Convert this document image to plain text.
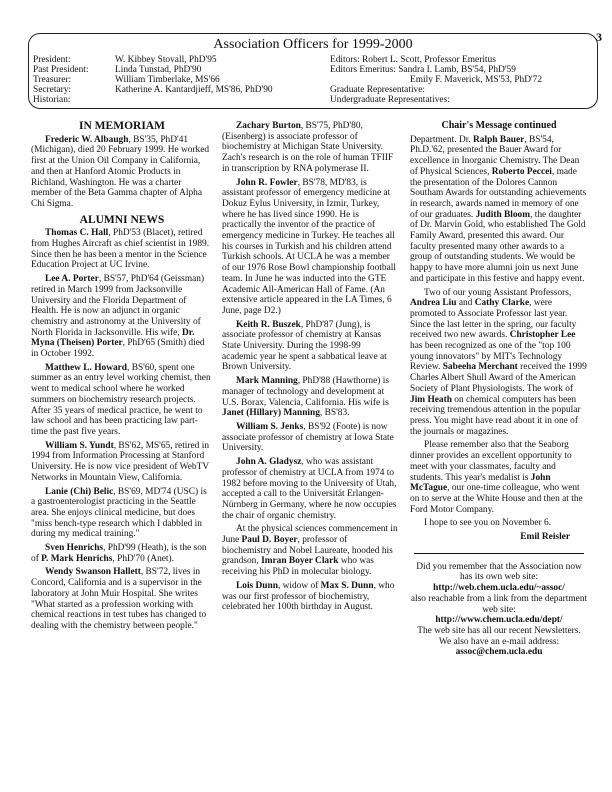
3
Association Officers for 1999-2000
President:	W. Kibbey Stovall, PhD'95
Past President:	Linda Tunstad, PhD'90
Treasurer:	William Timberlake, MS'66
Secretary:	Katherine A. Kantardjieff, MS'86, PhD'90
Historian:
Editors: Robert L. Scott, Professor Emeritus
Editors Emeritus: Sandra I. Lamb, BS'54, PhD'59
Emily F. Maverick, MS'53, PhD'72
Graduate Representative:
Undergraduate Representatives:
IN MEMORIAM

Frederic W. Albaugh, BS'35, PhD'41 (Michigan), died 20 February 1999. He worked first at the Union Oil Company in California, and then at Hanford Atomic Products in Richland, Washington. He was a charter member of the Beta Gamma chapter of Alpha Chi Sigma.

ALUMNI NEWS

Thomas C. Hall, PhD'53 (Blacet), retired from Hughes Aircraft as chief scientist in 1989. Since then he has been a mentor in the Science Education Project at UC Irvine.

Lee A. Porter, BS'57, PhD'64 (Geissman) retired in March 1999 from Jacksonville University and the Florida Department of Health. He is now an adjunct in organic chemistry and astronomy at the University of North Florida in Jacksonville. His wife, Dr. Myna (Theisen) Porter, PhD'65 (Smith) died in October 1992.

Matthew L. Howard, BS'60, spent one summer as an entry level working chemist, then went to medical school where he worked summers on biochemistry research projects. After 35 years of medical practice, he went to law school and has been practicing law part-time the past five years.

William S. Yundt, BS'62, MS'65, retired in 1994 from Information Processing at Stanford University. He is now vice president of WebTV Networks in Mountain View, California.

Lanie (Chi) Belic, BS'69, MD'74 (USC) is a gastroenterologist practicing in the Seattle area. She enjoys clinical medicine, but does "miss bench-type research which I dabbled in during my medical training."

Sven Henrichs, PhD'99 (Heath), is the son of P. Mark Henrichs, PhD'70 (Anet).

Wendy Swanson Hallett, BS'72, lives in Concord, California and is a supervisor in the laboratory at John Muir Hospital. She writes "What started as a profession working with chemical reactions in test tubes has changed to dealing with the chemistry between people."

Zachary Burton, BS'75, PhD'80, (Eisenberg) is associate professor of biochemistry at Michigan State University. Zach's research is on the role of human TFIIF in transcription by RNA polymerase II.

John R. Fowler, BS'78, MD'83, is assistant professor of emergency medicine at Dokuz Eylus University, in Izmir, Turkey, where he has lived since 1990. He is practically the inventor of the practice of emergency medicine in Turkey. He teaches all his courses in Turkish and his children attend Turkish schools. At UCLA he was a member of our 1976 Rose Bowl championship football team. In June he was inducted into the GTE Academic All-American Hall of Fame. (An extensive article appeared in the LA Times, 6 June, page D2.)

Keith R. Buszek, PhD'87 (Jung), is associate professor of chemistry at Kansas State University. During the 1998-99 academic year he spent a sabbatical leave at Brown University.

Mark Manning, PhD'88 (Hawthorne) is manager of technology and development at U.S. Borax, Valencia, California. His wife is Janet (Hillary) Manning, BS'83.

William S. Jenks, BS'92 (Foote) is now associate professor of chemistry at Iowa State University.

John A. Gladysz, who was assistant professor of chemistry at UCLA from 1974 to 1982 before moving to the University of Utah, accepted a call to the Universität Erlangen-Nürnberg in Germany, where he now occupies the chair of organic chemistry.

At the physical sciences commencement in June Paul D. Boyer, professor of biochemistry and Nobel Laureate, hooded his grandson, Imran Boyer Clark who was receiving his PhD in molecular biology.

Lois Dunn, widow of Max S. Dunn, who was our first professor of biochemistry, celebrated her 100th birthday in August.

Chair's Message continued

Department. Dr. Ralph Bauer, BS'54, Ph.D.'62, presented the Bauer Award for excellence in Inorganic Chemistry. The Dean of Physical Sciences, Roberto Peccei, made the presentation of the Dolores Cannon Southam Awards for outstanding achievements in research, awards named in memory of one of our graduates. Judith Bloom, the daughter of Dr. Marvin Gold, who established The Gold Family Award, presented this award. Our faculty presented many other awards to a group of outstanding students. We would be happy to have more alumni join us next June and participate in this festive and happy event.

Two of our young Assistant Professors, Andrea Liu and Cathy Clarke, were promoted to Associate Professor last year. Since the last letter in the spring, our faculty received two new awards. Christopher Lee has been recognized as one of the "top 100 young innovators" by MIT's Technology Review. Sabeeha Merchant received the 1999 Charles Albert Shull Award of the American Society of Plant Physiologists. The work of Jim Heath on chemical computers has been receiving tremendous attention in the popular press. You might have read about it in one of the journals or magazines.

Please remember also that the Seaborg dinner provides an excellent opportunity to meet with your classmates, faculty and students. This year's medalist is John McTague, our one-time colleague, who went on to serve at the White House and then at the Ford Motor Company.

I hope to see you on November 6.

Emil Reisler

Did you remember that the Association now has its own web site:

http://web.chem.ucla.edu/~assoc/

also reachable from a link from the department web site:

http://www.chem.ucla.edu/dept/

The web site has all our recent Newsletters.

We also have an e-mail address:

assoc@chem.ucla.edu
